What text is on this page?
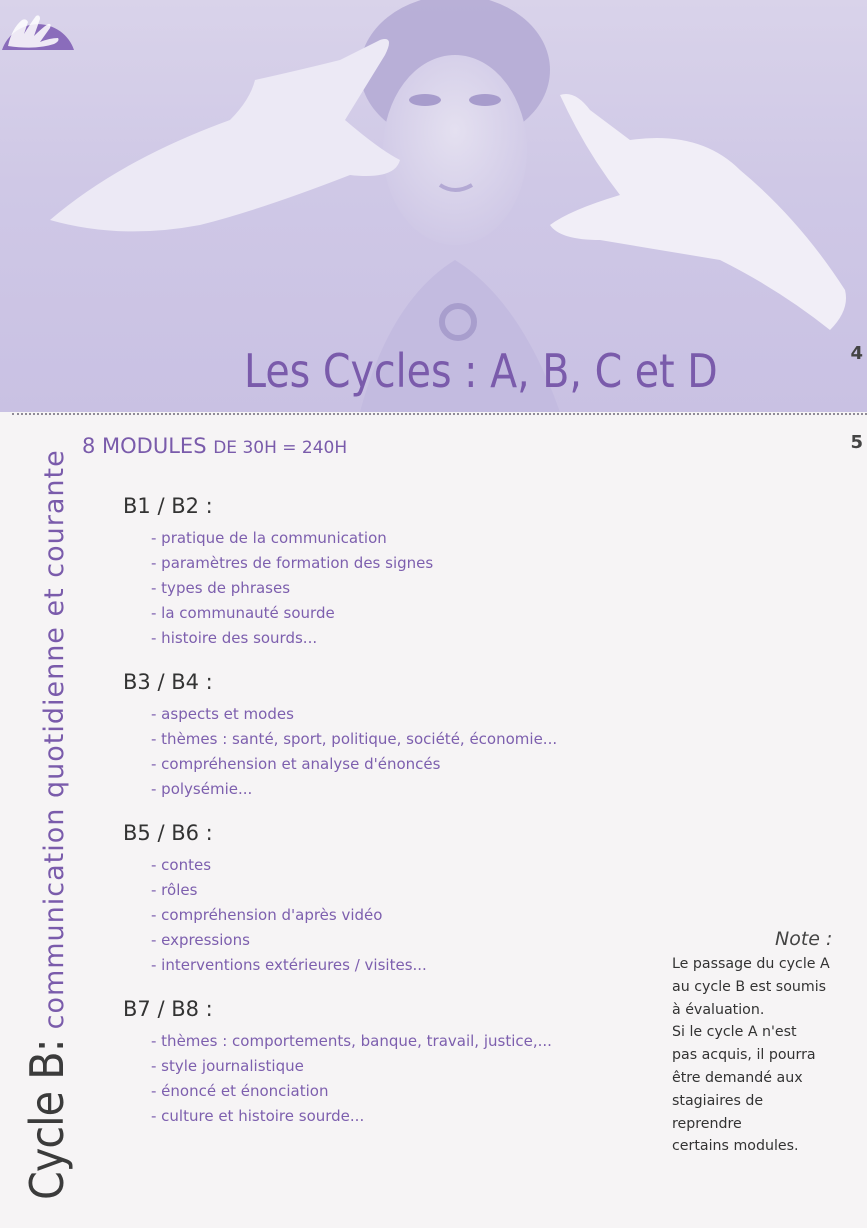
Les Cycles : A, B, C et D	4
5
Cycle B:communication quotidienne et courante
8 MODULES DE 30H = 240H
B1 / B2 :
- pratique de la communication
- paramètres de formation des signes
- types de phrases
- la communauté sourde
- histoire des sourds...
B3 / B4 :
- aspects et modes
- thèmes : santé, sport, politique, société, économie...
- compréhension et analyse d'énoncés
- polysémie...
B5 / B6 :
- contes
- rôles
- compréhension d'après vidéo
- expressions
- interventions extérieures / visites...
B7 / B8 :
- thèmes : comportements, banque, travail, justice,...
- style journalistique
- énoncé et énonciation
- culture et histoire sourde...
Note :
Le passage du cycle A
au cycle B est soumis
à évaluation.
Si le cycle A n'est
pas acquis, il pourra
être demandé aux
stagiaires de reprendre
certains modules.
